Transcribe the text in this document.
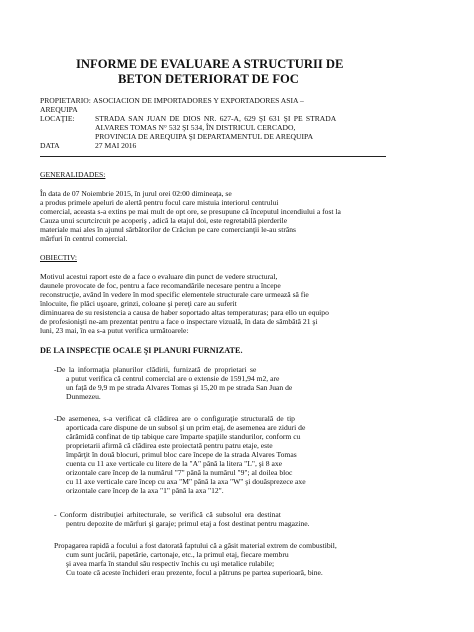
INFORME DE EVALUARE A STRUCTURII DE
BETON DETERIORAT DE FOC
PROPIETARIO: ASOCIACION DE IMPORTADORES Y EXPORTADORES ASIA –
AREQUIPA
LOCAŢIE:	STRADA SAN JUAN DE DIOS NR. 627-A, 629 ŞI 631 ŞI PE STRADA
ALVARES TOMAS N° 532 ŞI 534, ÎN DISTRICUL CERCADO,
PROVINCIA DE AREQUIPA ŞI DEPARTAMENTUL DE AREQUIPA
DATA	27 MAI 2016
GENERALIDADES:
În data de 07 Noiembrie 2015, în jurul orei 02:00 dimineaţa, se
a produs primele apeluri de alertă pentru focul care mistuia interiorul centrului
comercial, aceasta s-a extins pe mai mult de opt ore, se presupune că începutul incendiului a fost la
Cauza unui scurtcircuit pe acoperiş , adică la etajul doi, este regretabilă pierderile
materiale mai ales în ajunul sărbătorilor de Crăciun pe care comercianţii le-au strâns
mărfuri în centrul comercial.
OBIECTIV:
Motivul acestui raport este de a face o evaluare din punct de vedere structural,
daunele provocate de foc, pentru a face recomandările necesare pentru a începe
reconstrucţie, având în vedere în mod specific elementele structurale care urmează să fie
înlocuite, fie plăci uşoare, grinzi, coloane şi pereţi care au suferit
diminuarea de su resistencia a causa de haber soportado altas temperaturas; para ello un equipo
de profesionişti ne-am prezentat pentru a face o inspectare vizuală, în data de sâmbătă 21 şi
luni, 23 mai, în ea s-a putut verifica următoarele:
DE LA INSPECŢIE OCALE ŞI PLANURI FURNIZATE.
-De la informaţia planurilor clădirii, furnizată de proprietari se
a putut verifica că centrul comercial are o extensie de 1591,94 m2, are
un față de 9,9 m pe strada Alvares Tomas şi 15,20 m pe strada San Juan de
Dunmezeu.
-De asemenea, s-a verificat că clădirea are o configuraţie structurală de tip
aporticada care dispune de un subsol şi un prim etaj, de asemenea are ziduri de
cărămidă confinat de tip tabique care împarte spaţiile standurilor, conform cu
proprietarii afirmă că clădirea este proiectată pentru patru etaje, este
împărţit în două blocuri, primul bloc care începe de la strada Alvares Tomas
cuenta cu 11 axe verticale cu litere de la "A" până la litera "L", şi 8 axe
orizontale care încep de la numărul "7" până la numărul "9"; al doilea bloc
cu 11 axe verticale care încep cu axa "M" până la axa "W" şi douăsprezece axe
orizontale care încep de la axa "1" până la axa "12".
- Conform distribuţiei arhitecturale, se verifică că subsolul era destinat
pentru depozite de mărfuri şi garaje; primul etaj a fost destinat pentru magazine.
Propagarea rapidă a focului a fost datorată faptului că a găsit material extrem de combustibil,
cum sunt jucării, papetărie, cartonaje, etc., la primul etaj, fiecare membru
şi avea marfa în standul său respectiv închis cu uşi metalice rulabile;
Cu toate că aceste închideri erau prezente, focul a pătruns pe partea superioară, bine.
